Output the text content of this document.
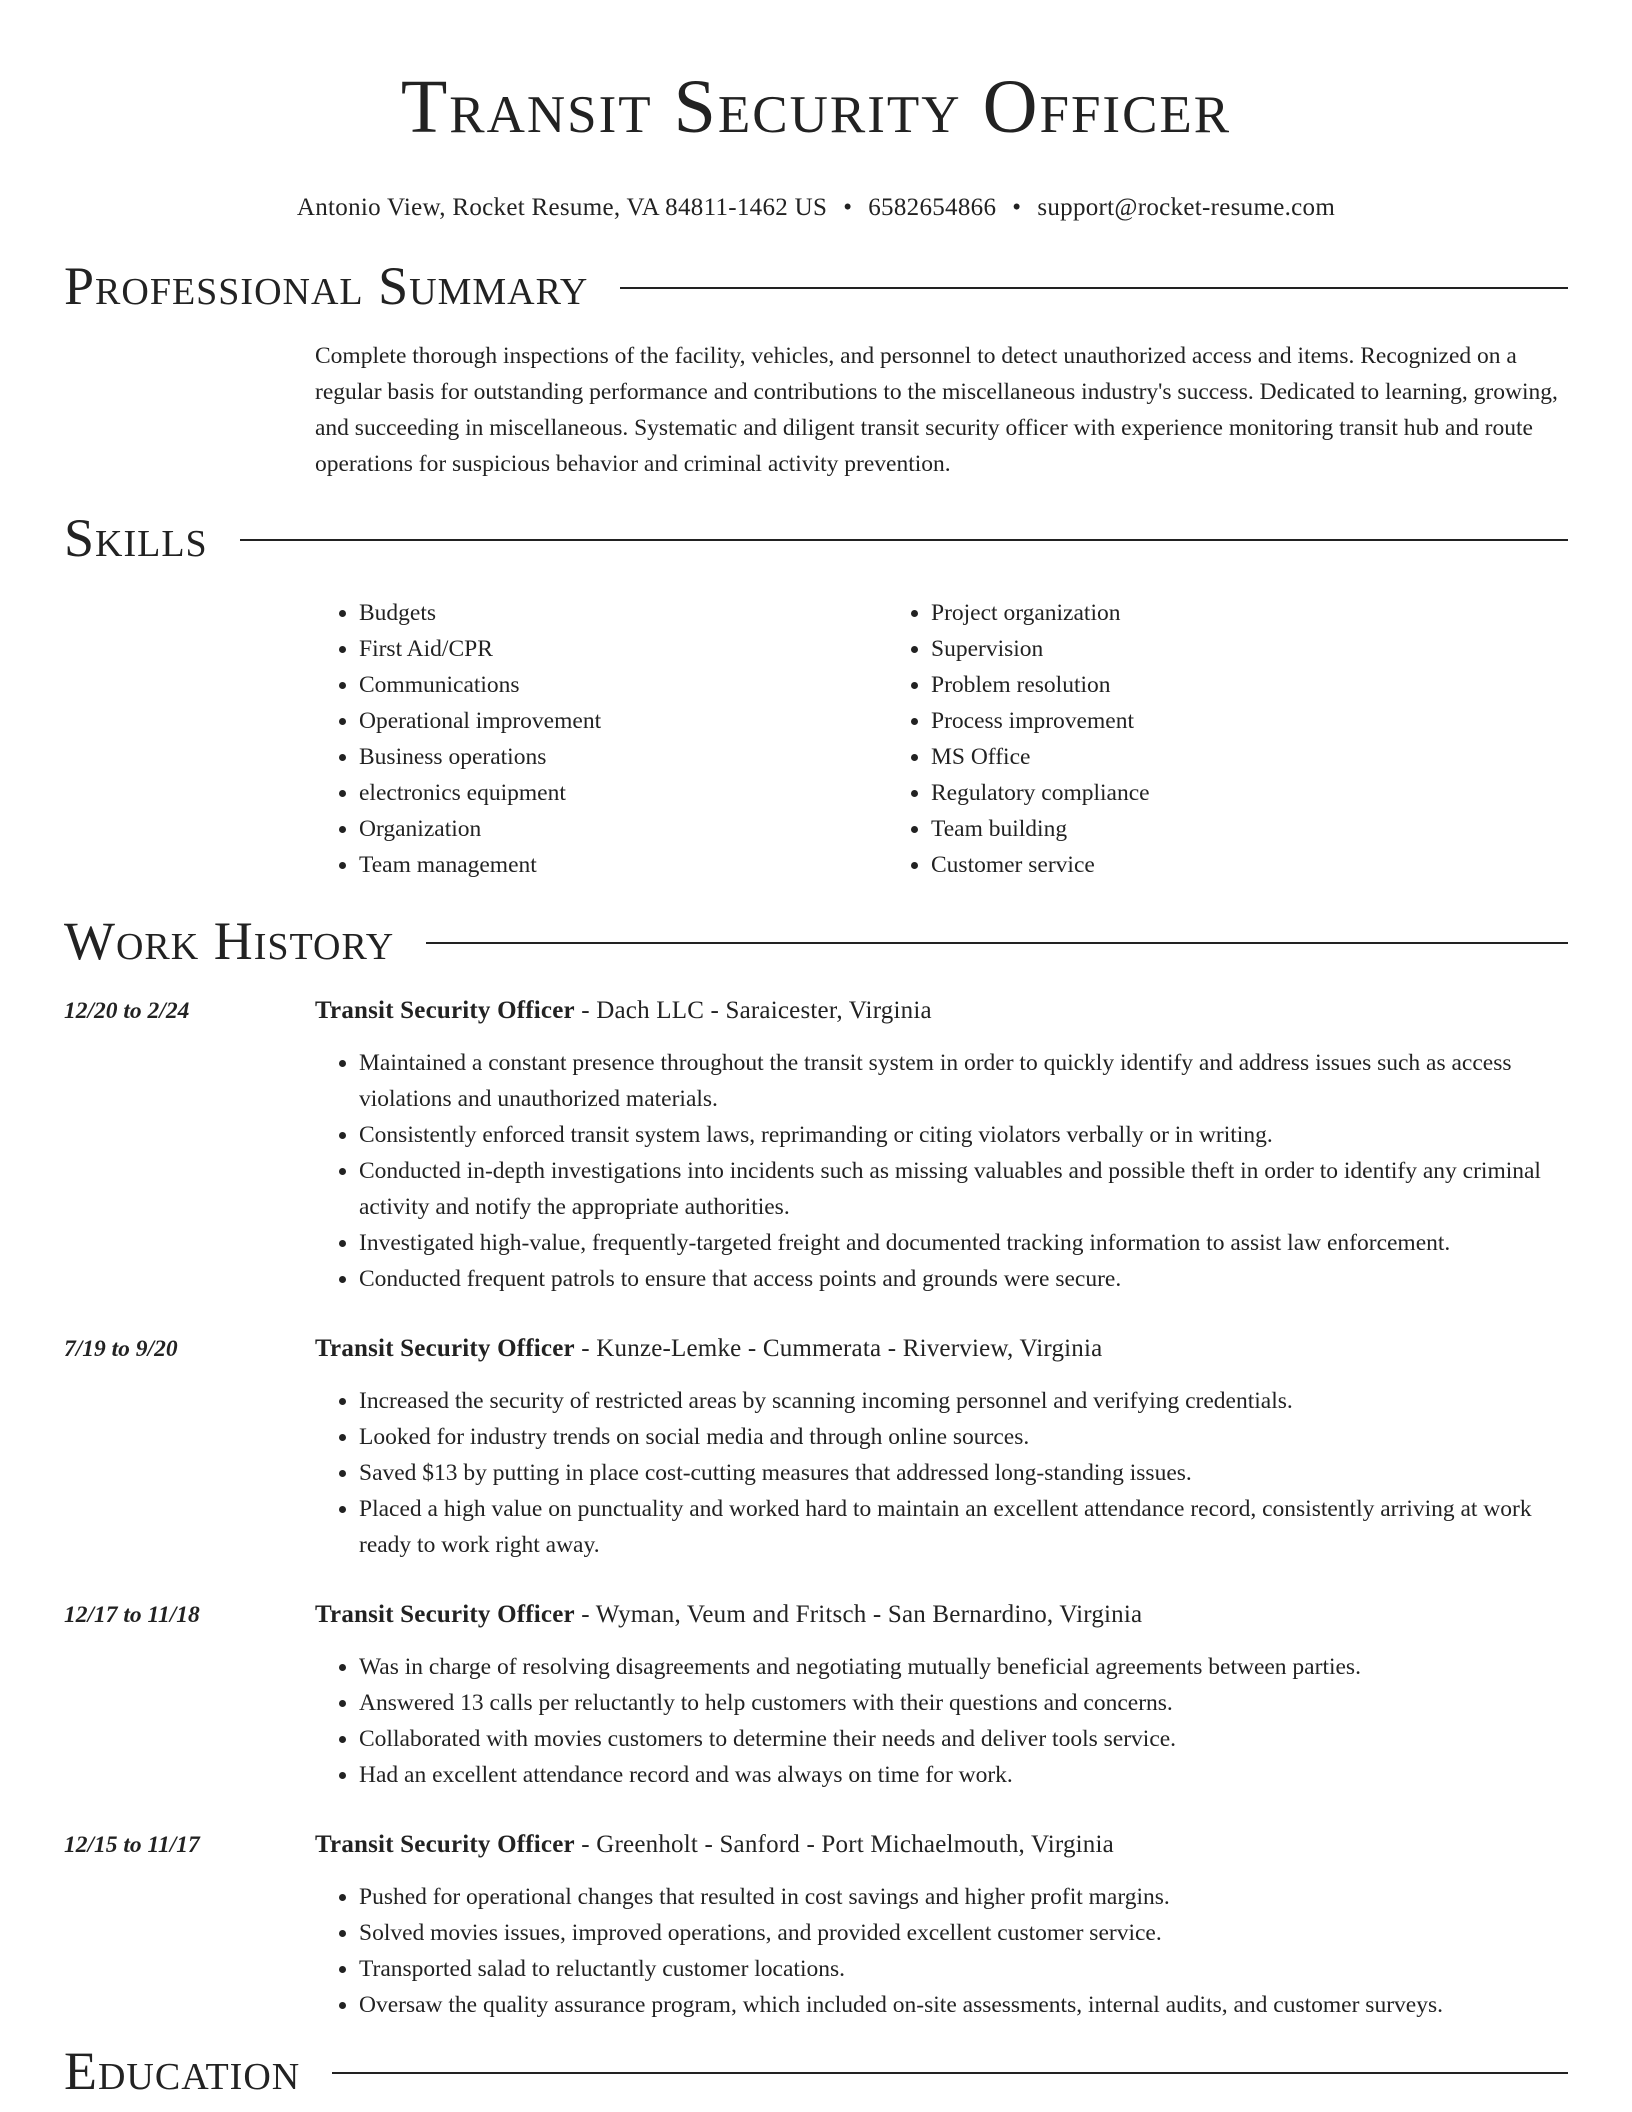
Transit Security Officer
Antonio View, Rocket Resume, VA 84811-1462 US • 6582654866 • support@rocket-resume.com
Professional Summary

Complete thorough inspections of the facility, vehicles, and personnel to detect unauthorized access and items. Recognized on a regular basis for outstanding performance and contributions to the miscellaneous industry's success. Dedicated to learning, growing, and succeeding in miscellaneous. Systematic and diligent transit security officer with experience monitoring transit hub and route operations for suspicious behavior and criminal activity prevention.

Skills
• Budgets
• First Aid/CPR
• Communications
• Operational improvement
• Business operations
• electronics equipment
• Organization
• Team management
• Project organization
• Supervision
• Problem resolution
• Process improvement
• MS Office
• Regulatory compliance
• Team building
• Customer service
Work History
12/20 to 2/24	Transit Security Officer - Dach LLC - Saraicester, Virginia
• Maintained a constant presence throughout the transit system in order to quickly identify and address issues such as access violations and unauthorized materials.
• Consistently enforced transit system laws, reprimanding or citing violators verbally or in writing.
• Conducted in-depth investigations into incidents such as missing valuables and possible theft in order to identify any criminal activity and notify the appropriate authorities.
• Investigated high-value, frequently-targeted freight and documented tracking information to assist law enforcement.
• Conducted frequent patrols to ensure that access points and grounds were secure.
7/19 to 9/20	Transit Security Officer - Kunze-Lemke - Cummerata - Riverview, Virginia
• Increased the security of restricted areas by scanning incoming personnel and verifying credentials.
• Looked for industry trends on social media and through online sources.
• Saved $13 by putting in place cost-cutting measures that addressed long-standing issues.
• Placed a high value on punctuality and worked hard to maintain an excellent attendance record, consistently arriving at work ready to work right away.
12/17 to 11/18	Transit Security Officer - Wyman, Veum and Fritsch - San Bernardino, Virginia
• Was in charge of resolving disagreements and negotiating mutually beneficial agreements between parties.
• Answered 13 calls per reluctantly to help customers with their questions and concerns.
• Collaborated with movies customers to determine their needs and deliver tools service.
• Had an excellent attendance record and was always on time for work.
12/15 to 11/17	Transit Security Officer - Greenholt - Sanford - Port Michaelmouth, Virginia
• Pushed for operational changes that resulted in cost savings and higher profit margins.
• Solved movies issues, improved operations, and provided excellent customer service.
• Transported salad to reluctantly customer locations.
• Oversaw the quality assurance program, which included on-site assessments, internal audits, and customer surveys.
Education
